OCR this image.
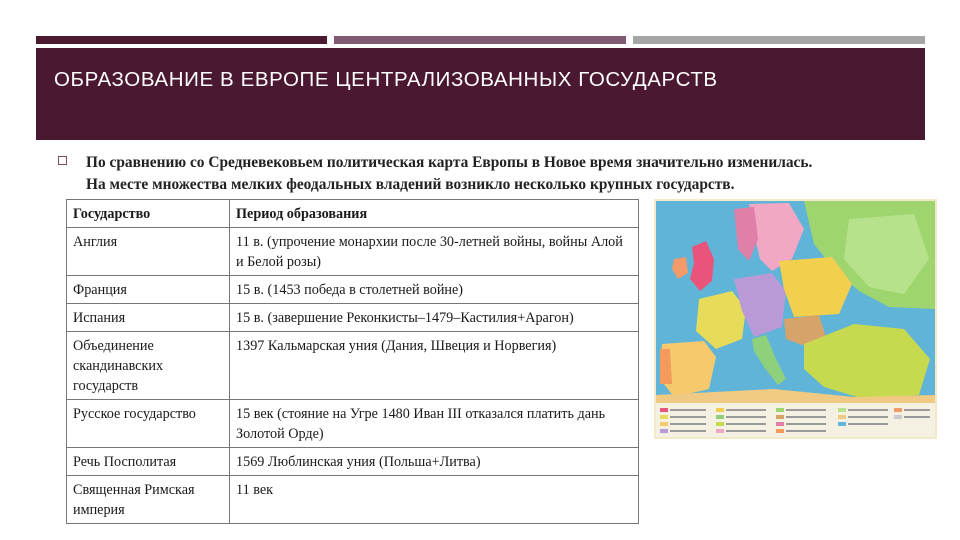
ОБРАЗОВАНИЕ В ЕВРОПЕ ЦЕНТРАЛИЗОВАННЫХ ГОСУДАРСТВ
По сравнению со Средневековьем политическая карта Европы в Новое время значительно изменилась.
На месте множества мелких феодальных владений возникло несколько крупных государств.
Государство	Период образования
Англия	11 в. (упрочение монархии после 30-летней войны, войны Алой и Белой розы)
Франция	15 в. (1453 победа в столетней войне)
Испания	15 в. (завершение Реконкисты–1479–Кастилия+Арагон)
Объединение скандинавских государств	1397 Кальмарская уния (Дания, Швеция и Норвегия)
Русское государство	15 век (стояние на Угре 1480 Иван III отказался платить дань Золотой Орде)
Речь Посполитая	1569 Люблинская уния (Польша+Литва)
Священная Римская империя	11 век
